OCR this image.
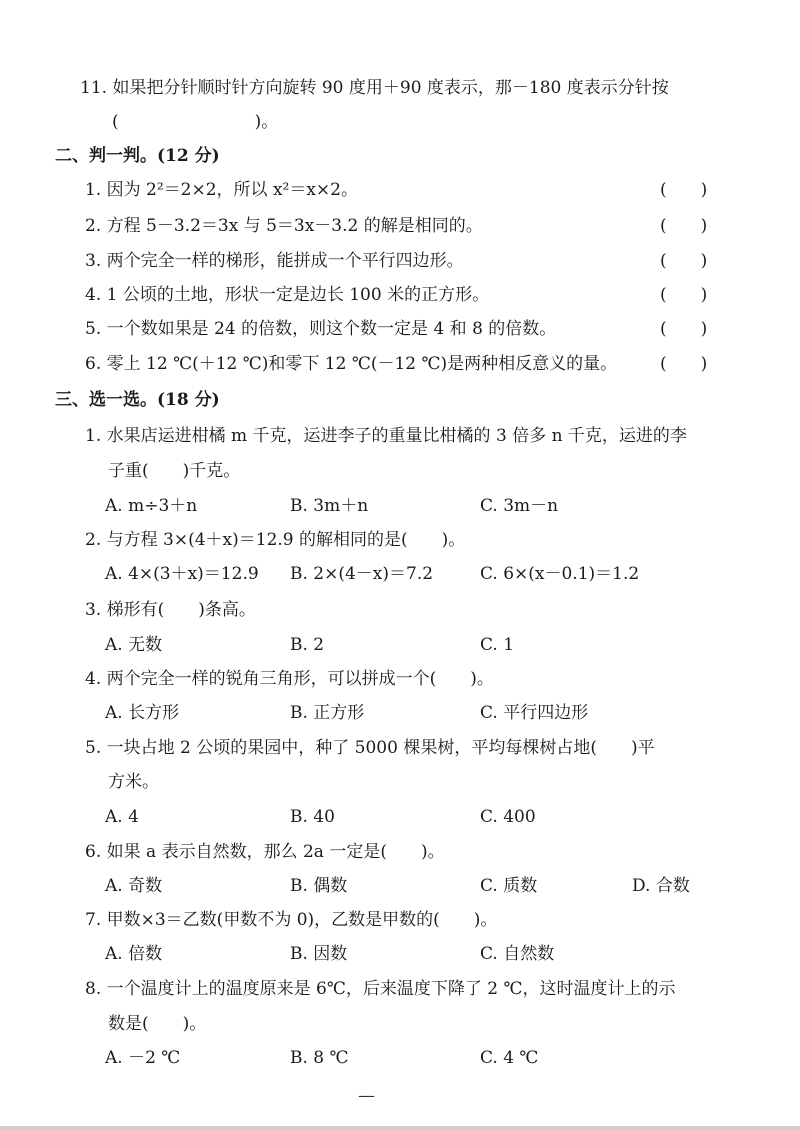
11. 如果把分针顺时针方向旋转 90 度用＋90 度表示，那－180 度表示分针按
(　　　　　　　　)。
二、判一判。(12 分)
1. 因为 2²＝2×2，所以 x²＝x×2。	(　　)
2. 方程 5－3.2＝3x 与 5＝3x－3.2 的解是相同的。	(　　)
3. 两个完全一样的梯形，能拼成一个平行四边形。	(　　)
4. 1 公顷的土地，形状一定是边长 100 米的正方形。	(　　)
5. 一个数如果是 24 的倍数，则这个数一定是 4 和 8 的倍数。	(　　)
6. 零上 12 ℃(＋12 ℃)和零下 12 ℃(－12 ℃)是两种相反意义的量。	(　　)
三、选一选。(18 分)
1. 水果店运进柑橘 m 千克，运进李子的重量比柑橘的 3 倍多 n 千克，运进的李
子重(　　)千克。
A. m÷3＋n	B. 3m＋n	C. 3m－n
2. 与方程 3×(4＋x)＝12.9 的解相同的是(　　)。
A. 4×(3＋x)＝12.9 B. 2×(4－x)＝7.2	C. 6×(x－0.1)＝1.2
3. 梯形有(　　)条高。
A. 无数	B. 2	C. 1
4. 两个完全一样的锐角三角形，可以拼成一个(　　)。
A. 长方形	B. 正方形	C. 平行四边形
5. 一块占地 2 公顷的果园中，种了 5000 棵果树，平均每棵树占地(　　)平
方米。
A. 4	B. 40	C. 400
6. 如果 a 表示自然数，那么 2a 一定是(　　)。
A. 奇数	B. 偶数	C. 质数	D. 合数
7. 甲数×3＝乙数(甲数不为 0)，乙数是甲数的(　　)。
A. 倍数	B. 因数	C. 自然数
8. 一个温度计上的温度原来是 6℃，后来温度下降了 2 ℃，这时温度计上的示
数是(　　)。
A. －2 ℃	B. 8 ℃	C. 4 ℃
—
